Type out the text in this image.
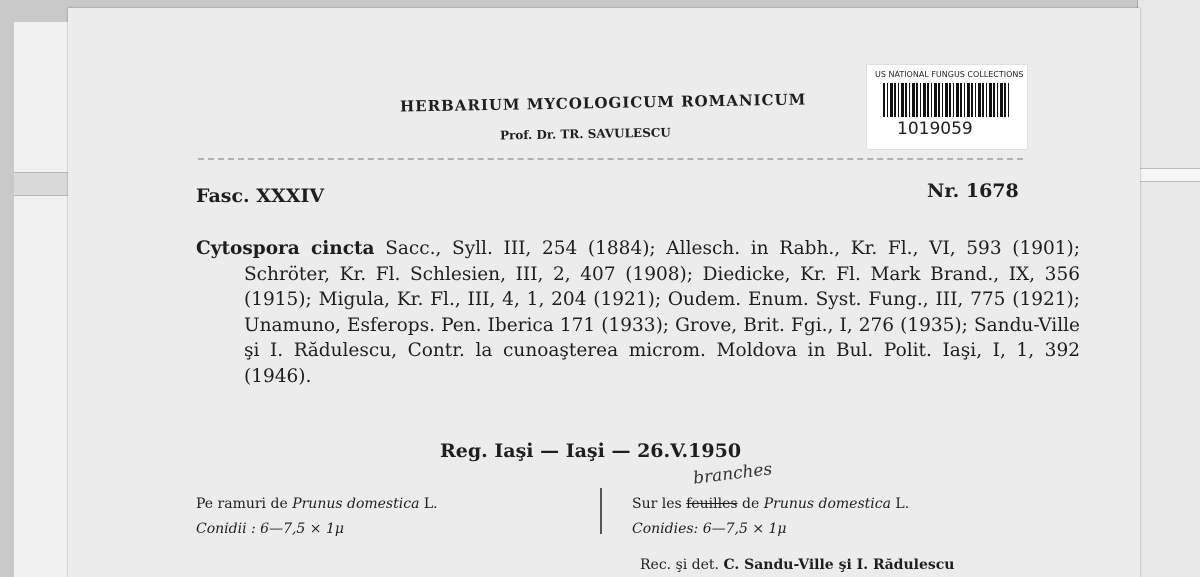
HERBARIUM MYCOLOGICUM ROMANICUM
Prof. Dr. TR. SAVULESCU
US NATIONAL FUNGUS COLLECTIONS
1019059
Fasc. XXXIV	Nr. 1678
Cytospora cincta Sacc., Syll. III, 254 (1884); Allesch. in Rabh., Kr. Fl., VI, 593 (1901); Schröter, Kr. Fl. Schlesien, III, 2, 407 (1908); Diedicke, Kr. Fl. Mark Brand., IX, 356 (1915); Migula, Kr. Fl., III, 4, 1, 204 (1921); Oudem. Enum. Syst. Fung., III, 775 (1921); Unamuno, Esferops. Pen. Iberica 171 (1933); Grove, Brit. Fgi., I, 276 (1935); Sandu-Ville şi I. Rădulescu, Contr. la cunoaşterea microm. Moldova in Bul. Polit. Iaşi, I, 1, 392 (1946).
Reg. Iaşi — Iaşi — 26.V.1950
Pe ramuri de Prunus domestica L.
Conidii : 6—7,5 × 1μ
branches
Sur les feuilles de Prunus domestica L.
Conidies: 6—7,5 × 1μ
Rec. şi det. C. Sandu-Ville şi I. Rădulescu
